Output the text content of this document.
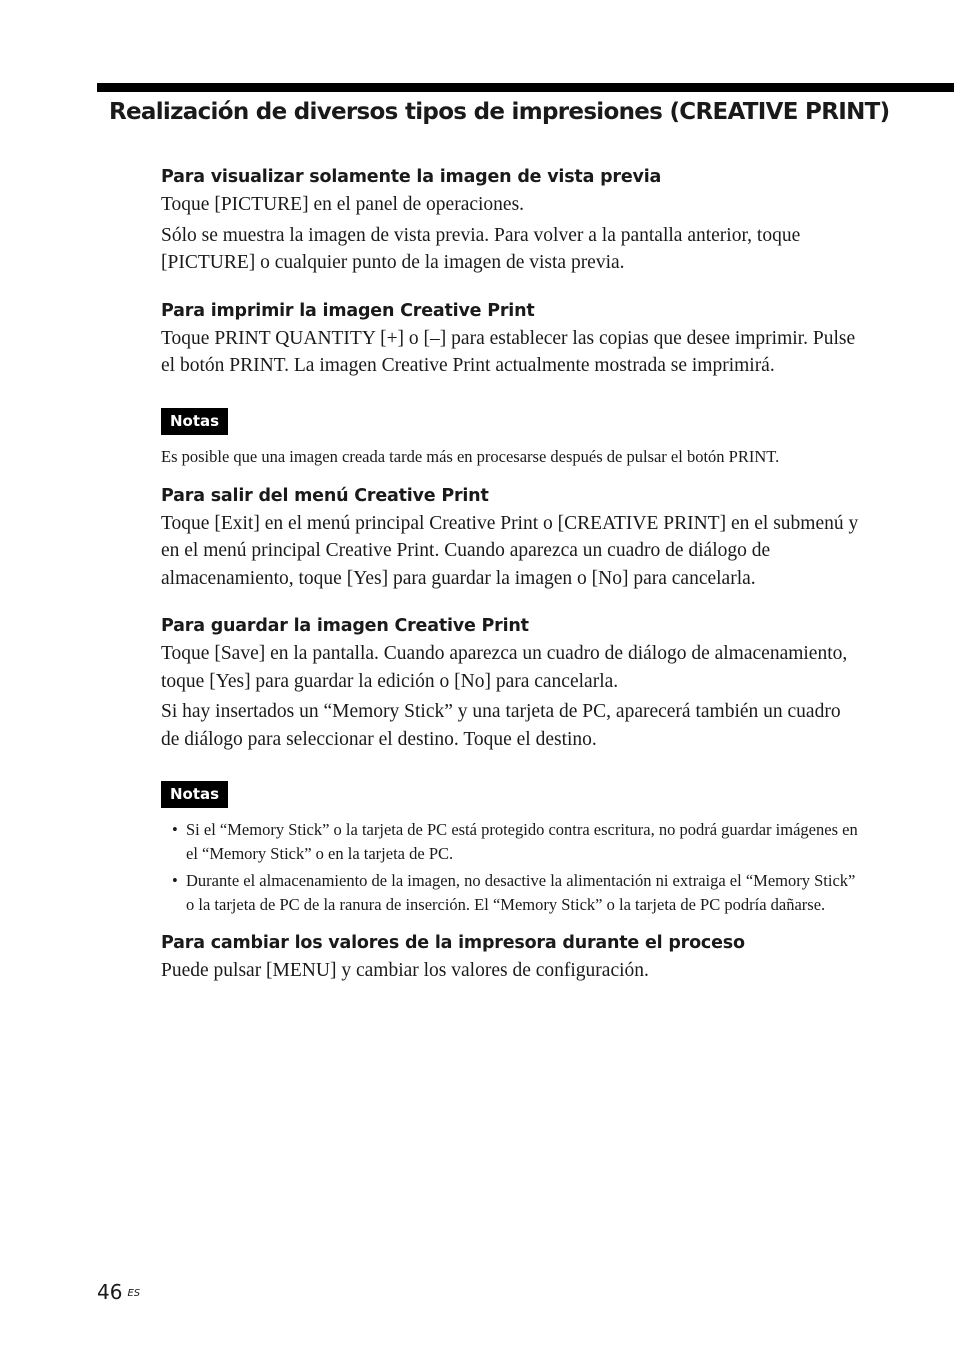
Realización de diversos tipos de impresiones (CREATIVE PRINT)
Para visualizar solamente la imagen de vista previa

Toque [PICTURE] en el panel de operaciones.

Sólo se muestra la imagen de vista previa. Para volver a la pantalla anterior, toque [PICTURE] o cualquier punto de la imagen de vista previa.

Para imprimir la imagen Creative Print

Toque PRINT QUANTITY [+] o [–] para establecer las copias que desee imprimir. Pulse el botón PRINT. La imagen Creative Print actualmente mostrada se imprimirá.

Notas

Es posible que una imagen creada tarde más en procesarse después de pulsar el botón PRINT.

Para salir del menú Creative Print

Toque [Exit] en el menú principal Creative Print o [CREATIVE PRINT] en el submenú y en el menú principal Creative Print. Cuando aparezca un cuadro de diálogo de almacenamiento, toque [Yes] para guardar la imagen o [No] para cancelarla.

Para guardar la imagen Creative Print

Toque [Save] en la pantalla. Cuando aparezca un cuadro de diálogo de almacenamiento, toque [Yes] para guardar la edición o [No] para cancelarla.

Si hay insertados un “Memory Stick” y una tarjeta de PC, aparecerá también un cuadro de diálogo para seleccionar el destino. Toque el destino.

Notas
• Si el “Memory Stick” o la tarjeta de PC está protegido contra escritura, no podrá guardar imágenes en el “Memory Stick” o en la tarjeta de PC.
• Durante el almacenamiento de la imagen, no desactive la alimentación ni extraiga el “Memory Stick” o la tarjeta de PC de la ranura de inserción. El “Memory Stick” o la tarjeta de PC podría dañarse.
Para cambiar los valores de la impresora durante el proceso

Puede pulsar [MENU] y cambiar los valores de configuración.

46 $^{ES}$
